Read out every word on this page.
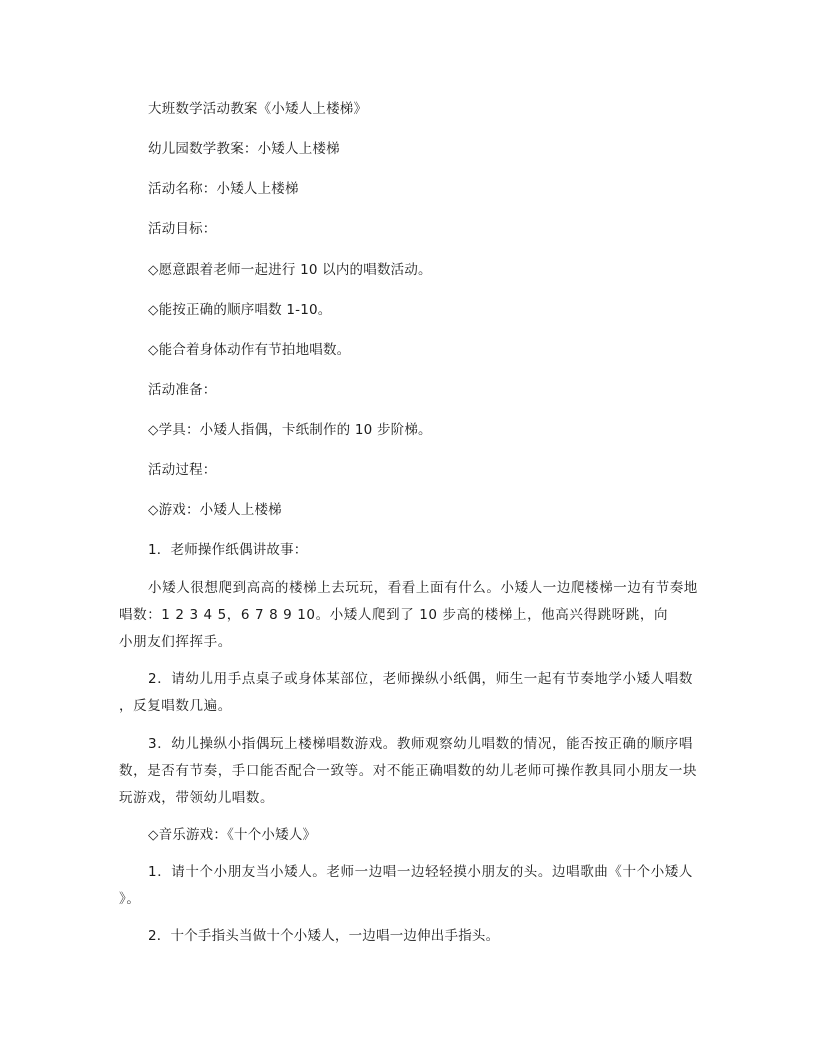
大班数学活动教案《小矮人上楼梯》
幼儿园数学教案：小矮人上楼梯
活动名称：小矮人上楼梯
活动目标：
◇愿意跟着老师一起进行 10 以内的唱数活动。
◇能按正确的顺序唱数 1-10。
◇能合着身体动作有节拍地唱数。
活动准备：
◇学具：小矮人指偶，卡纸制作的 10 步阶梯。
活动过程：
◇游戏：小矮人上楼梯
1．老师操作纸偶讲故事：
小矮人很想爬到高高的楼梯上去玩玩，看看上面有什么。小矮人一边爬楼梯一边有节奏地
唱数：1 2 3 4 5，6 7 8 9 10。小矮人爬到了 10 步高的楼梯上，他高兴得跳呀跳，向
小朋友们挥挥手。
2．请幼儿用手点桌子或身体某部位，老师操纵小纸偶，师生一起有节奏地学小矮人唱数
，反复唱数几遍。
3．幼儿操纵小指偶玩上楼梯唱数游戏。教师观察幼儿唱数的情况，能否按正确的顺序唱
数，是否有节奏，手口能否配合一致等。对不能正确唱数的幼儿老师可操作教具同小朋友一块
玩游戏，带领幼儿唱数。
◇音乐游戏：《十个小矮人》
1．请十个小朋友当小矮人。老师一边唱一边轻轻摸小朋友的头。边唱歌曲《十个小矮人
》。
2．十个手指头当做十个小矮人，一边唱一边伸出手指头。
